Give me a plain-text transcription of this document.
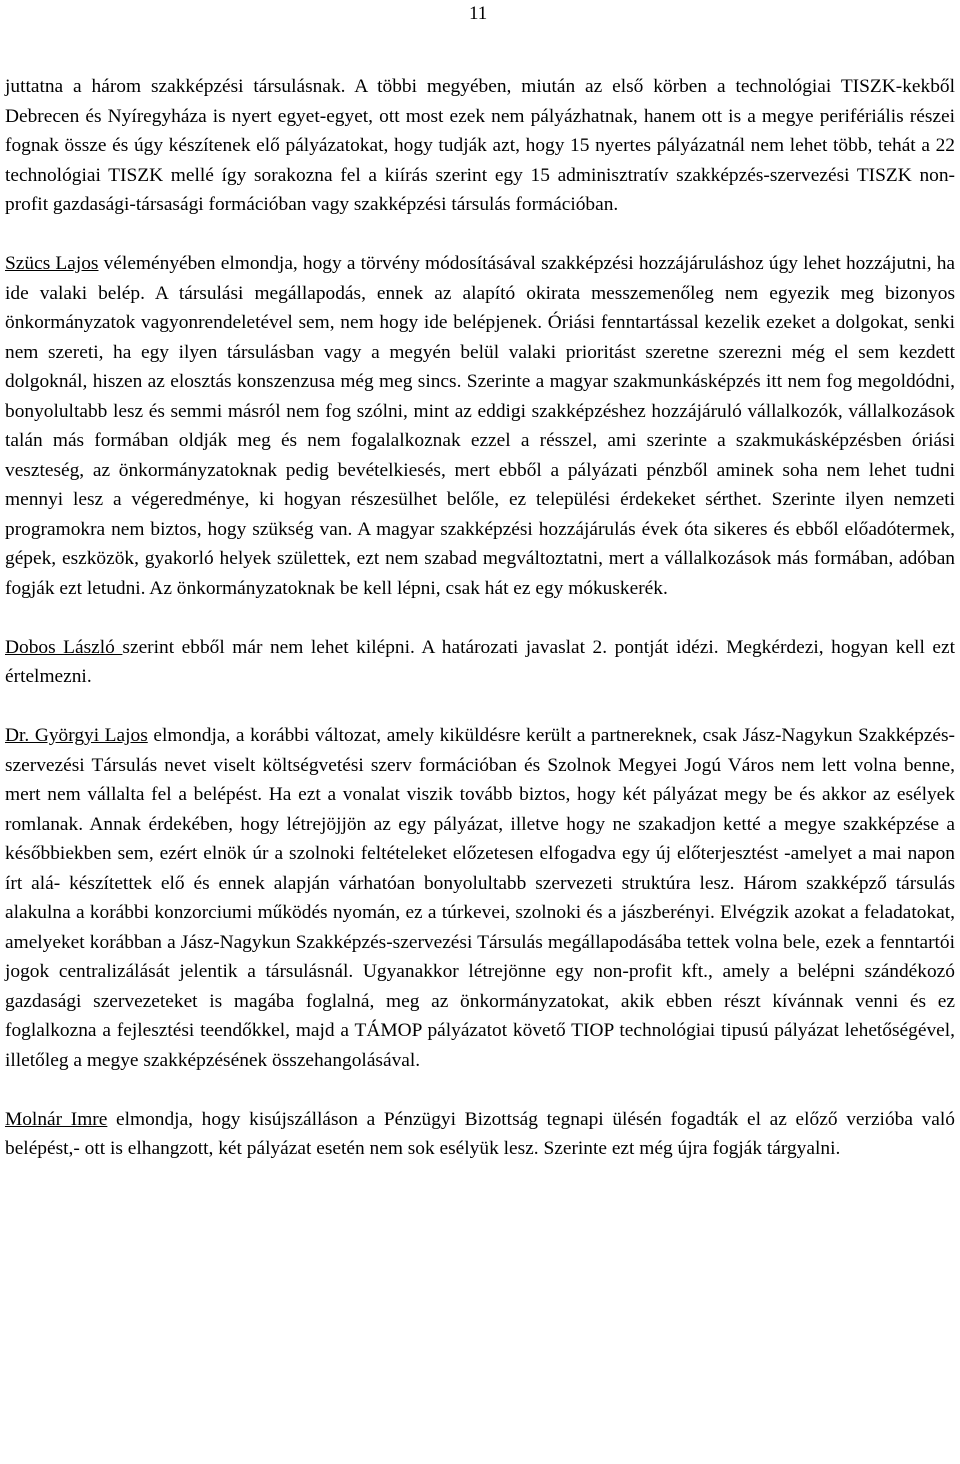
11

juttatna a három szakképzési társulásnak. A többi megyében, miután az első körben a technológiai TISZK-kekből Debrecen és Nyíregyháza is nyert egyet-egyet, ott most ezek nem pályázhatnak, hanem ott is a megye perifériális részei fognak össze és úgy készítenek elő pályázatokat, hogy tudják azt, hogy 15 nyertes pályázatnál nem lehet több, tehát a 22 technológiai TISZK mellé így sorakozna fel a kiírás szerint egy 15 adminisztratív szakképzés-szervezési TISZK non-profit gazdasági-társasági formációban vagy szakképzési társulás formációban.

Szücs Lajos véleményében elmondja, hogy a törvény módosításával szakképzési hozzájáruláshoz úgy lehet hozzájutni, ha ide valaki belép. A társulási megállapodás, ennek az alapító okirata messzemenőleg nem egyezik meg bizonyos önkormányzatok vagyonrendeletével sem, nem hogy ide belépjenek. Óriási fenntartással kezelik ezeket a dolgokat, senki nem szereti, ha egy ilyen társulásban vagy a megyén belül valaki prioritást szeretne szerezni még el sem kezdett dolgoknál, hiszen az elosztás konszenzusa még meg sincs. Szerinte a magyar szakmunkásképzés itt nem fog megoldódni, bonyolultabb lesz és semmi másról nem fog szólni, mint az eddigi szakképzéshez hozzájáruló vállalkozók, vállalkozások talán más formában oldják meg és nem fogalalkoznak ezzel a résszel, ami szerinte a szakmukásképzésben óriási veszteség, az önkormányzatoknak pedig bevételkiesés, mert ebből a pályázati pénzből aminek soha nem lehet tudni mennyi lesz a végeredménye, ki hogyan részesülhet belőle, ez települési érdekeket sérthet. Szerinte ilyen nemzeti programokra nem biztos, hogy szükség van. A magyar szakképzési hozzájárulás évek óta sikeres és ebből előadótermek, gépek, eszközök, gyakorló helyek születtek, ezt nem szabad megváltoztatni, mert a vállalkozások más formában, adóban fogják ezt letudni. Az önkormányzatoknak be kell lépni, csak hát ez egy mókuskerék.

Dobos László szerint ebből már nem lehet kilépni. A határozati javaslat 2. pontját idézi. Megkérdezi, hogyan kell ezt értelmezni.

Dr. Györgyi Lajos elmondja, a korábbi változat, amely kiküldésre került a partnereknek, csak Jász-Nagykun Szakképzés-szervezési Társulás nevet viselt költségvetési szerv formációban és Szolnok Megyei Jogú Város nem lett volna benne, mert nem vállalta fel a belépést. Ha ezt a vonalat viszik tovább biztos, hogy két pályázat megy be és akkor az esélyek romlanak. Annak érdekében, hogy létrejöjjön az egy pályázat, illetve hogy ne szakadjon ketté a megye szakképzése a későbbiekben sem, ezért elnök úr a szolnoki feltételeket előzetesen elfogadva egy új előterjesztést -amelyet a mai napon írt alá- készítettek elő és ennek alapján várhatóan bonyolultabb szervezeti struktúra lesz. Három szakképző társulás alakulna a korábbi konzorciumi működés nyomán, ez a túrkevei, szolnoki és a jászberényi. Elvégzik azokat a feladatokat, amelyeket korábban a Jász-Nagykun Szakképzés-szervezési Társulás megállapodásába tettek volna bele, ezek a fenntartói jogok centralizálását jelentik a társulásnál. Ugyanakkor létrejönne egy non-profit kft., amely a belépni szándékozó gazdasági szervezeteket is magába foglalná, meg az önkormányzatokat, akik ebben részt kívánnak venni és ez foglalkozna a fejlesztési teendőkkel, majd a TÁMOP pályázatot követő TIOP technológiai tipusú pályázat lehetőségével, illetőleg a megye szakképzésének összehangolásával.

Molnár Imre elmondja, hogy kisújszálláson a Pénzügyi Bizottság tegnapi ülésén fogadták el az előző verzióba való belépést,- ott is elhangzott, két pályázat esetén nem sok esélyük lesz. Szerinte ezt még újra fogják tárgyalni.
